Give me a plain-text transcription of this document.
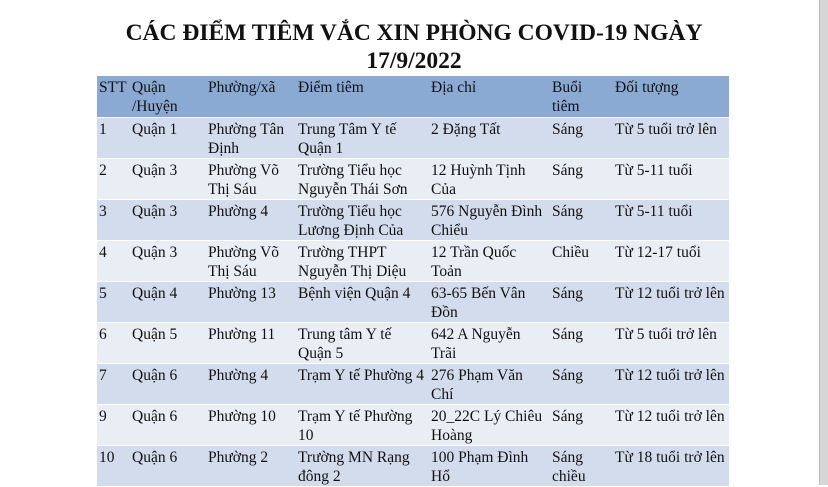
CÁC ĐIỂM TIÊM VẮC XIN PHÒNG COVID-19 NGÀY
17/9/2022
STT	Quận /Huyện	Phường/xã	Điểm tiêm	Địa chỉ	Buổi tiêm	Đối tượng
1	Quận 1	Phường Tân Định	Trung Tâm Y tế Quận 1	2 Đặng Tất	Sáng	Từ 5 tuổi trở lên
2	Quận 3	Phường Võ Thị Sáu	Trường Tiểu học Nguyễn Thái Sơn	12 Huỳnh Tịnh Của	Sáng	Từ 5-11 tuổi
3	Quận 3	Phường 4	Trường Tiểu học Lương Định Của	576 Nguyễn Đình Chiểu	Sáng	Từ 5-11 tuổi
4	Quận 3	Phường Võ Thị Sáu	Trường THPT Nguyễn Thị Diệu	12 Trần Quốc Toản	Chiều	Từ 12-17 tuổi
5	Quận 4	Phường 13	Bệnh viện Quận 4	63-65 Bến Vân Đồn	Sáng	Từ 12 tuổi trở lên
6	Quận 5	Phường 11	Trung tâm Y tế Quận 5	642 A Nguyễn Trãi	Sáng	Từ 5 tuổi trở lên
7	Quận 6	Phường 4	Trạm Y tế Phường 4	276 Phạm Văn Chí	Sáng	Từ 12 tuổi trở lên
9	Quận 6	Phường 10	Trạm Y tế Phường 10	20_22C Lý Chiêu Hoàng	Sáng	Từ 12 tuổi trở lên
10	Quận 6	Phường 2	Trường MN Rạng đông 2	100 Phạm Đình Hổ	Sáng chiều	Từ 18 tuổi trở lên
